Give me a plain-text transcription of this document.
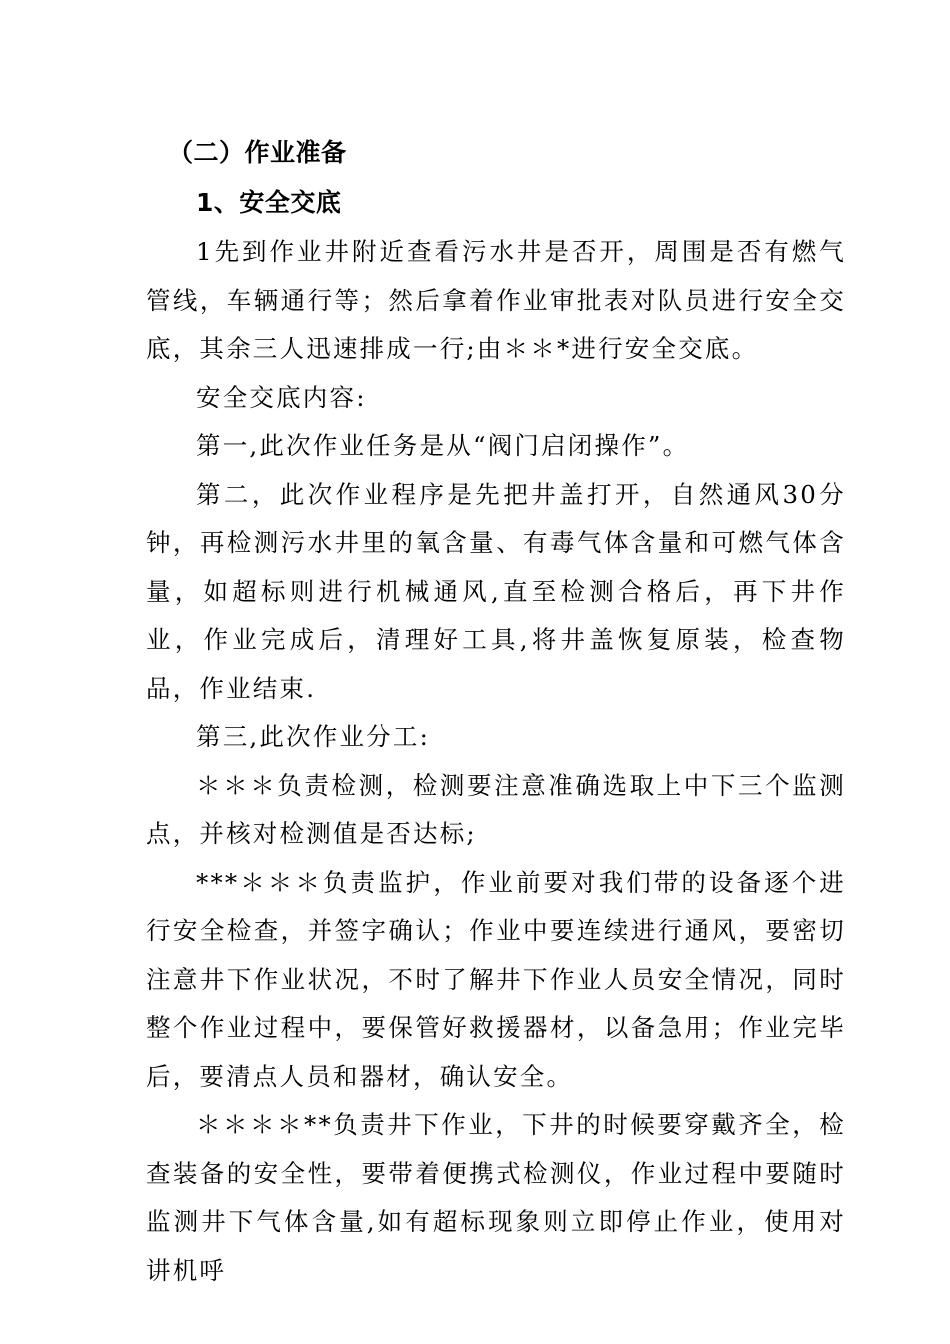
（二）作业准备

1、安全交底

1先到作业井附近查看污水井是否开，周围是否有燃气管线，车辆通行等；然后拿着作业审批表对队员进行安全交底，其余三人迅速排成一行;由＊＊*进行安全交底。

安全交底内容:

第一,此次作业任务是从“阀门启闭操作”。

第二，此次作业程序是先把井盖打开，自然通风30分钟，再检测污水井里的氧含量、有毒气体含量和可燃气体含量，如超标则进行机械通风,直至检测合格后，再下井作业，作业完成后，清理好工具,将井盖恢复原装，检查物品，作业结束.

第三,此次作业分工:

＊＊＊负责检测，检测要注意准确选取上中下三个监测点，并核对检测值是否达标;

***＊＊＊负责监护，作业前要对我们带的设备逐个进行安全检查，并签字确认；作业中要连续进行通风，要密切注意井下作业状况，不时了解井下作业人员安全情况，同时整个作业过程中，要保管好救援器材，以备急用；作业完毕后，要清点人员和器材，确认安全。

＊＊＊＊**负责井下作业，下井的时候要穿戴齐全，检查装备的安全性，要带着便携式检测仪，作业过程中要随时监测井下气体含量,如有超标现象则立即停止作业，使用对讲机呼
